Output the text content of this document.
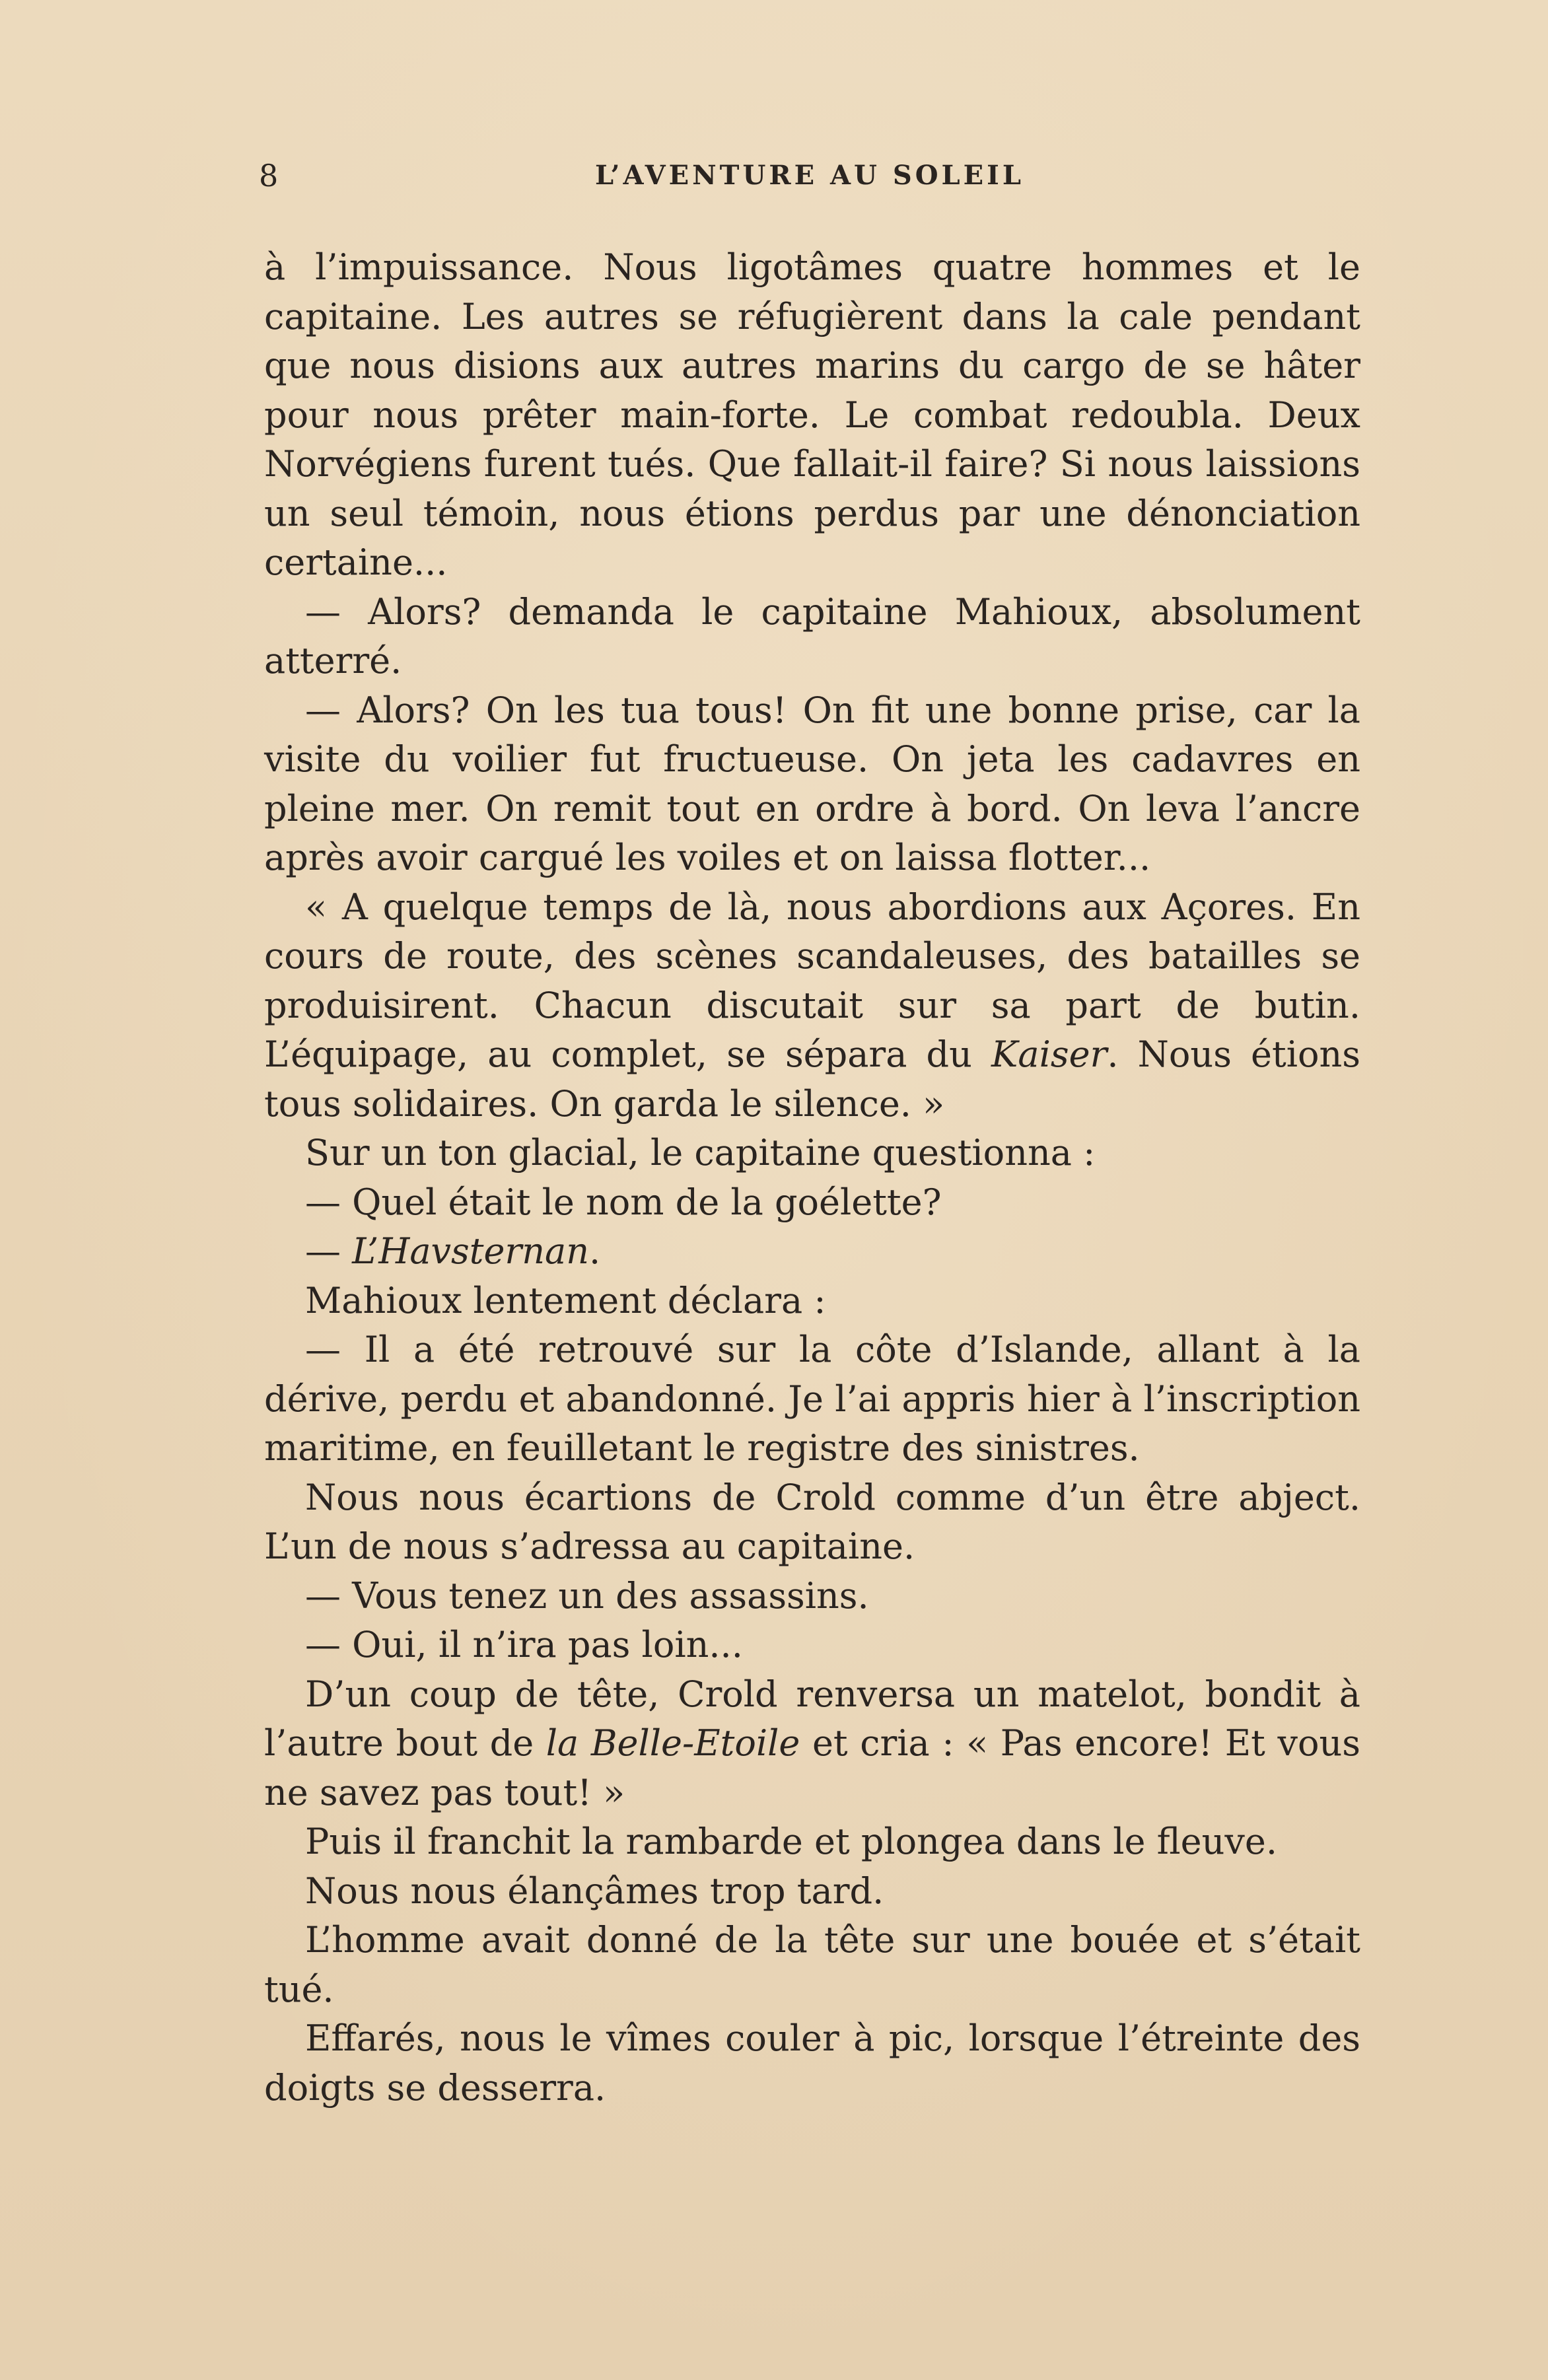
8	L’AVENTURE AU SOLEIL

à l’impuissance. Nous ligotâmes quatre hommes et le capitaine. Les autres se réfugièrent dans la cale pendant que nous disions aux autres marins du cargo de se hâter pour nous prêter main-forte. Le combat redoubla. Deux Norvégiens furent tués. Que fallait-il faire? Si nous laissions un seul témoin, nous étions perdus par une dénonciation certaine...

— Alors? demanda le capitaine Mahioux, absolument atterré.

— Alors? On les tua tous! On fit une bonne prise, car la visite du voilier fut fructueuse. On jeta les cadavres en pleine mer. On remit tout en ordre à bord. On leva l’ancre après avoir cargué les voiles et on laissa flotter...

« A quelque temps de là, nous abordions aux Açores. En cours de route, des scènes scandaleuses, des batailles se produisirent. Chacun discutait sur sa part de butin. L’équipage, au complet, se sépara du Kaiser. Nous étions tous solidaires. On garda le silence. »

Sur un ton glacial, le capitaine questionna :

— Quel était le nom de la goélette?

— L’Havsternan.

Mahioux lentement déclara :

— Il a été retrouvé sur la côte d’Islande, allant à la dérive, perdu et abandonné. Je l’ai appris hier à l’inscription maritime, en feuilletant le registre des sinistres.

Nous nous écartions de Crold comme d’un être abject. L’un de nous s’adressa au capitaine.

— Vous tenez un des assassins.

— Oui, il n’ira pas loin...

D’un coup de tête, Crold renversa un matelot, bondit à l’autre bout de la Belle-Etoile et cria : « Pas encore! Et vous ne savez pas tout! »

Puis il franchit la rambarde et plongea dans le fleuve.

Nous nous élançâmes trop tard.

L’homme avait donné de la tête sur une bouée et s’était tué.

Effarés, nous le vîmes couler à pic, lorsque l’étreinte des doigts se desserra.
